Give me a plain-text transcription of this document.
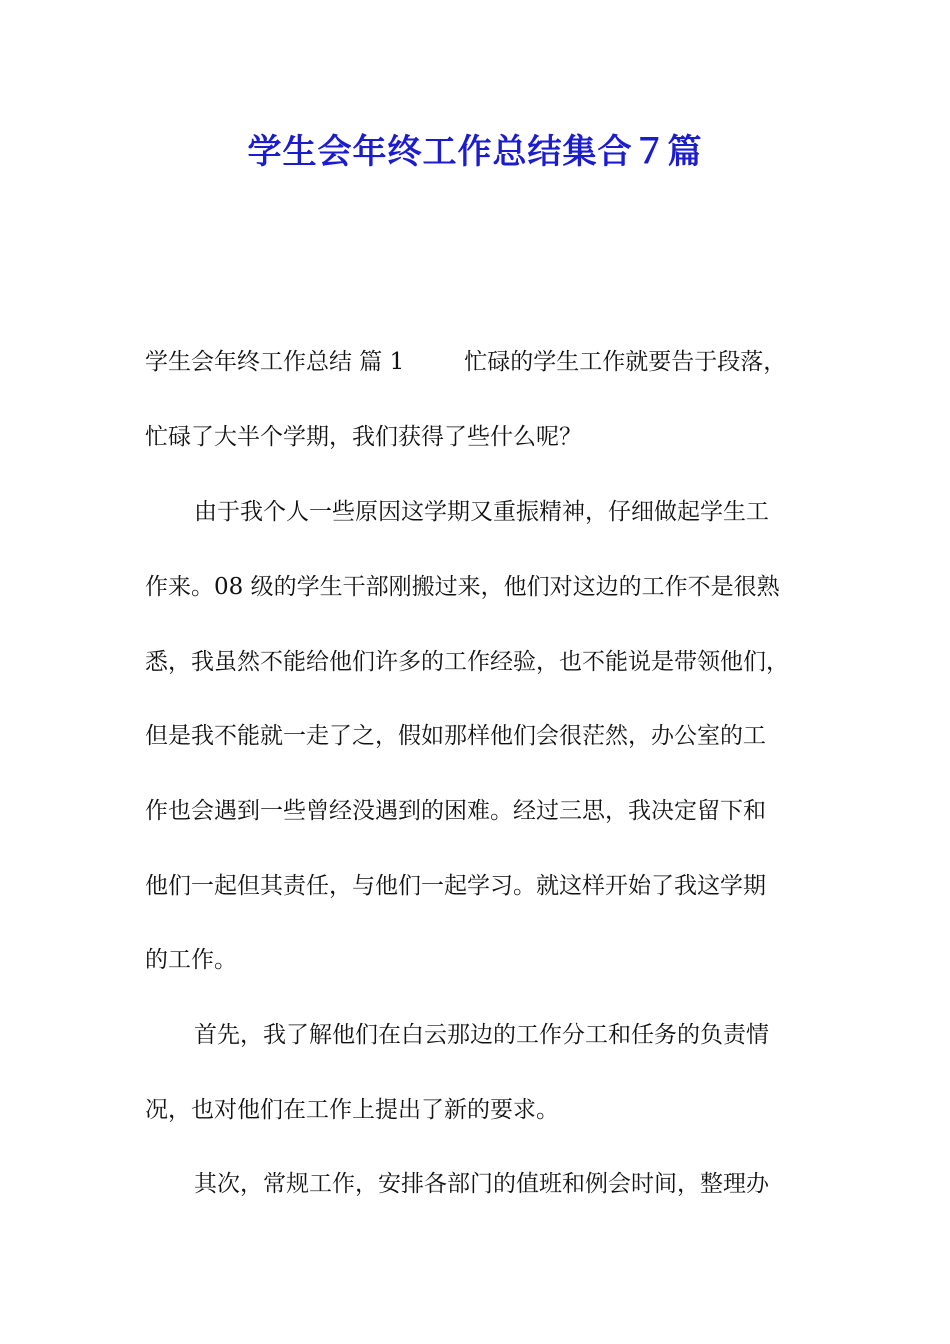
学生会年终工作总结集合７篇

学生会年终工作总结 篇 1	忙碌的学生工作就要告于段落，

忙碌了大半个学期，我们获得了些什么呢？

由于我个人一些原因这学期又重振精神，仔细做起学生工

作来。08 级的学生干部刚搬过来，他们对这边的工作不是很熟

悉，我虽然不能给他们许多的工作经验，也不能说是带领他们，

但是我不能就一走了之，假如那样他们会很茫然，办公室的工

作也会遇到一些曾经没遇到的困难。经过三思，我决定留下和

他们一起但其责任，与他们一起学习。就这样开始了我这学期

的工作。

首先，我了解他们在白云那边的工作分工和任务的负责情

况，也对他们在工作上提出了新的要求。

其次，常规工作，安排各部门的值班和例会时间，整理办
